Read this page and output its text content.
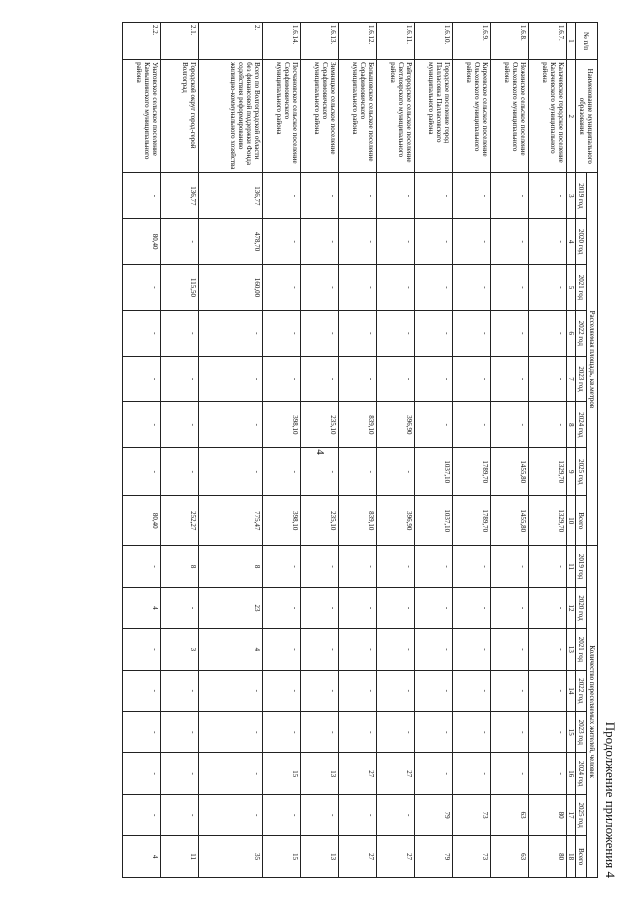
4
Продолжение приложения 4
№ п/п	Наименование муниципального образования	Расселяемая площадь, кв.метров								Количество переселяемых жителей, человек							
		2019 год	2020 год	2021 год	2022 год	2023 год	2024 год	2025 год	Всего	2019 год	2020 год	2021 год	2022 год	2023 год	2024 год	2025 год	Всего
1	2	3	4	5	6	7	8	9	10	11	12	13	14	15	16	17	18
1.6.7.	Калачевское городское поселение Калачевского муниципального района	-	-	-	-	-	-	1329,70	1329,70	-	-	-	-	-	-	80	80
1.6.8.	Нежинское сельское поселение Ольховского муниципального района	-	-	-	-	-	-	1455,80	1455,80	-	-	-	-	-	-	63	63
1.6.9.	Киреевское сельское поселение Ольховского муниципального района	-	-	-	-	-	-	1789,70	1789,70	-	-	-	-	-	-	73	73
1.6.10.	Городское поселение город Палласовка Палласовского муниципального района	-	-	-	-	-	-	1037,10	1037,10	-	-	-	-	-	-	79	79
1.6.11.	Райгородское сельское поселение Светлоярского муниципального района	-	-	-	-	-	396,90	-	396,90	-	-	-	-	-	27	-	27
1.6.12.	Большовское сельское поселение Серафимовичского муниципального района	-	-	-	-	-	839,10	-	839,10	-	-	-	-	-	27	-	27
1.6.13.	Зимняцкое сельское поселение Серафимовичского муниципального района	-	-	-	-	-	235,10	-	235,10	-	-	-	-	-	13	-	13
1.6.14.	Песчановское сельское поселение Серафимовичского муниципального района	-	-	-	-	-	398,10	-	398,10	-	-	-	-	-	15	-	15
2.	Всего по Волгоградской области без финансовой поддержки Фонда содействия реформированию жилищно-коммунального хозяйства	136,77	478,70	160,00	-	-	-	-	775,47	8	23	4	-	-	-	-	35
2.1.	Городской округ город-герой Волгоград	136,77	-	115,50	-	-	-	-	252,27	8	-	3	-	-	-	-	11
2.2.	Унатовское сельское поселение Камышинского муниципального района	-	80,40	-	-	-	-	-	80,40	-	4	-	-	-	-	-	4
